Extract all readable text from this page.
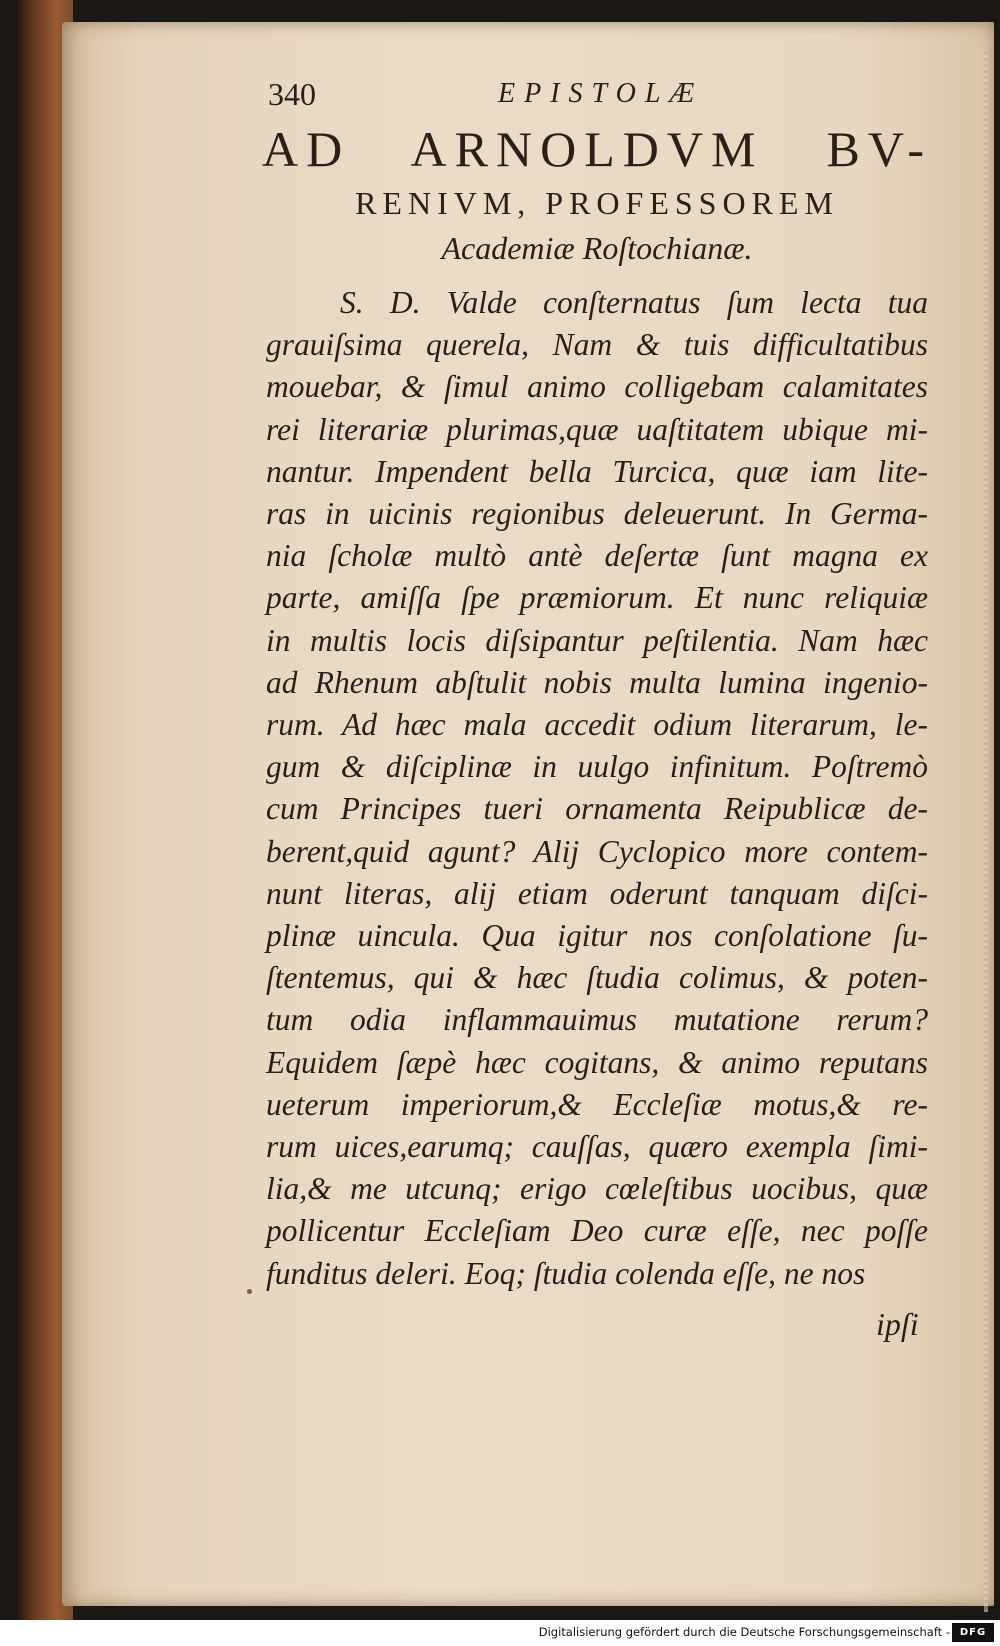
340	EPISTOLÆ
AD ARNOLDVM BV-
RENIVM, PROFESSOREM
Academiæ Roſtochianæ.
S. D. Valde conſternatus ſum lecta tua
grauiſsima querela, Nam & tuis difficultatibus
mouebar, & ſimul animo colligebam calamitates
rei literariæ plurimas,quæ uaſtitatem ubique mi-
nantur. Impendent bella Turcica, quæ iam lite-
ras in uicinis regionibus deleuerunt. In Germa-
nia ſcholæ multò antè deſertæ ſunt magna ex
parte, amiſſa ſpe præmiorum. Et nunc reliquiæ
in multis locis diſsipantur peſtilentia. Nam hæc
ad Rhenum abſtulit nobis multa lumina ingenio-
rum. Ad hæc mala accedit odium literarum, le-
gum & diſciplinæ in uulgo infinitum. Poſtremò
cum Principes tueri ornamenta Reipublicæ de-
berent,quid agunt? Alij Cyclopico more contem-
nunt literas, alij etiam oderunt tanquam diſci-
plinæ uincula. Qua igitur nos conſolatione ſu-
ſtentemus, qui & hæc ſtudia colimus, & poten-
tum odia inflammauimus mutatione rerum?
Equidem ſæpè hæc cogitans, & animo reputans
ueterum imperiorum,& Eccleſiæ motus,& re-
rum uices,earumq; cauſſas, quæro exempla ſimi-
lia,& me utcunq; erigo cœleſtibus uocibus, quæ
pollicentur Eccleſiam Deo curæ eſſe, nec poſſe
funditus deleri. Eoq; ſtudia colenda eſſe, ne nos
ipſi
Digitalisierung gefördert durch die Deutsche Forschungsgemeinschaft - DFG
